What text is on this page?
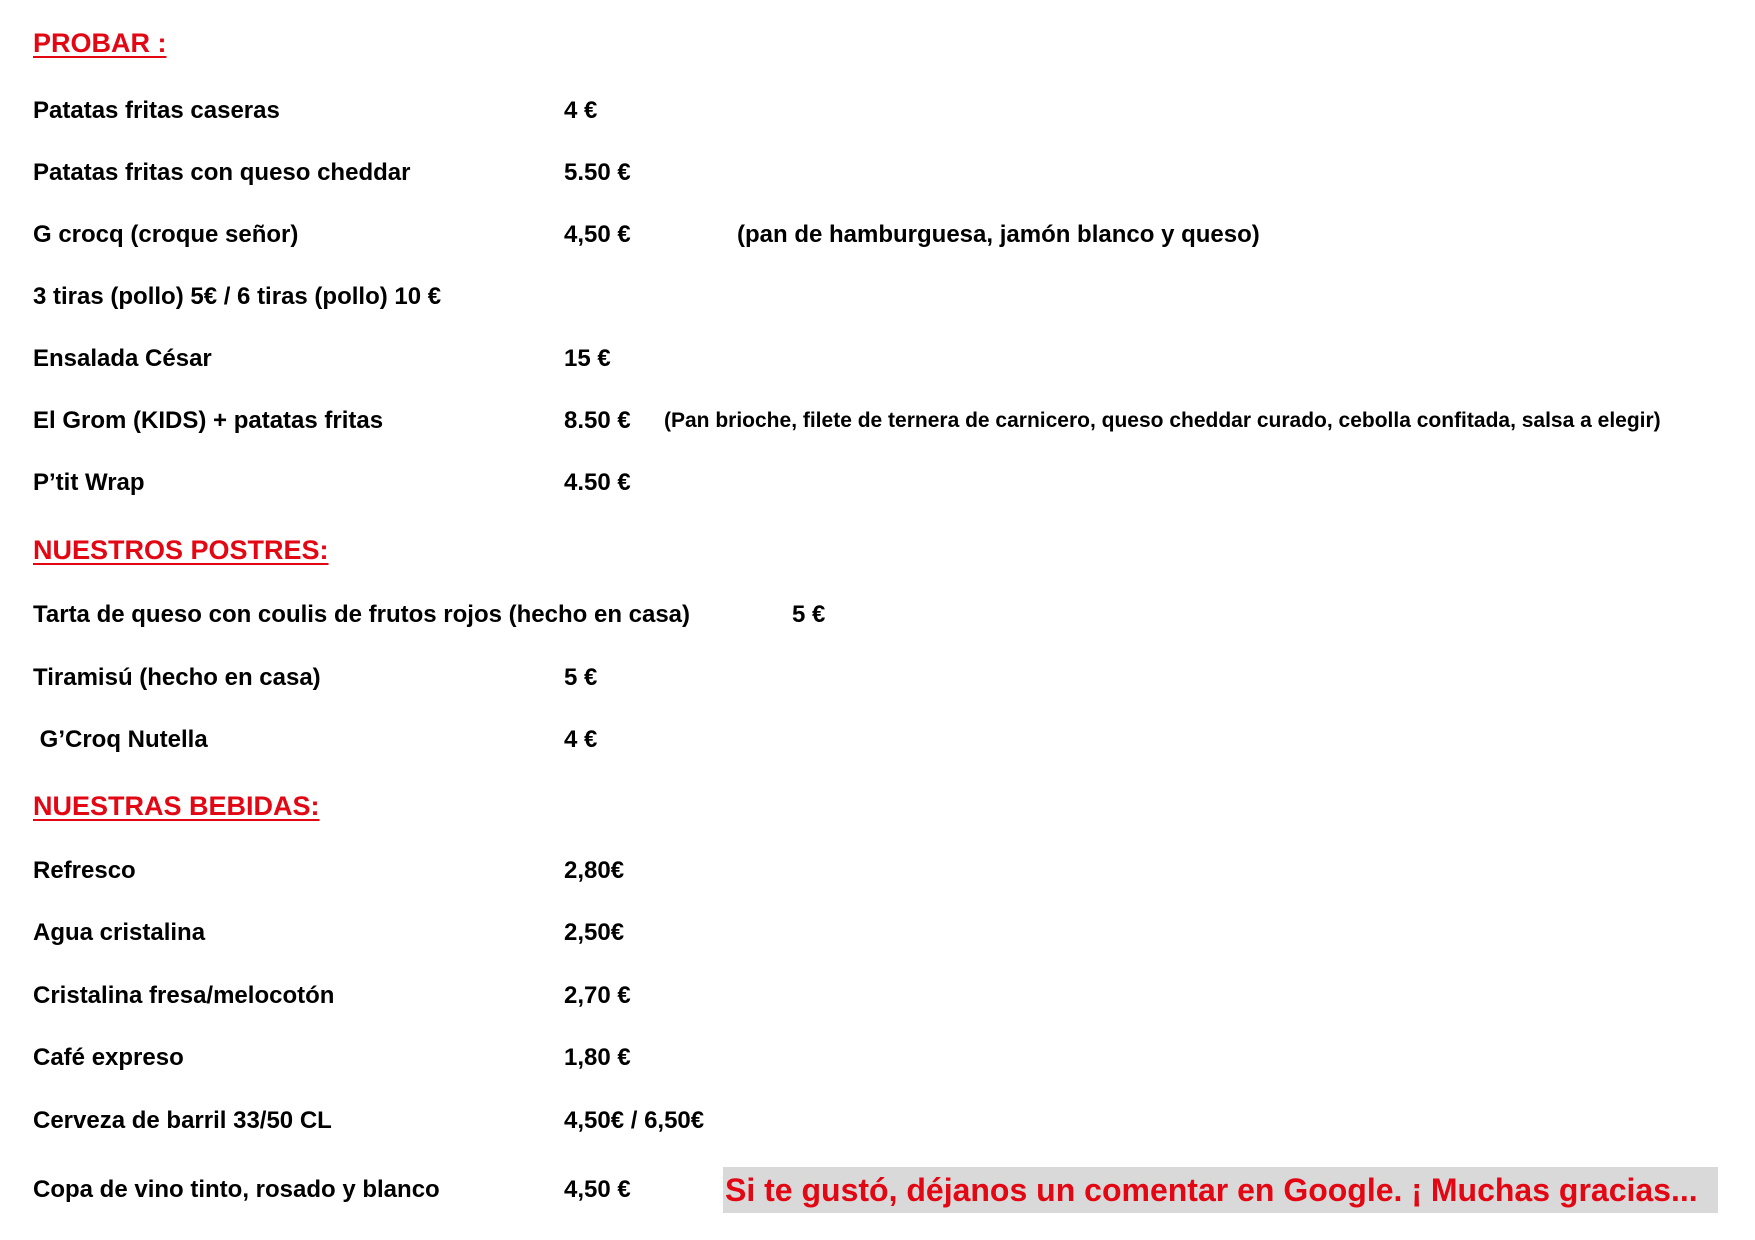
PROBAR :
Patatas fritas caseras	4 €
Patatas fritas con queso cheddar	5.50 €
G crocq (croque señor)	4,50 €	(pan de hamburguesa, jamón blanco y queso)
3 tiras (pollo) 5€ / 6 tiras (pollo) 10 €
Ensalada César	15 €
El Grom (KIDS) + patatas fritas	8.50 € (Pan brioche, filete de ternera de carnicero, queso cheddar curado, cebolla confitada, salsa a elegir)
P’tit Wrap	4.50 €
NUESTROS POSTRES:
Tarta de queso con coulis de frutos rojos (hecho en casa)	5 €
Tiramisú (hecho en casa)	5 €
G’Croq Nutella	4 €
NUESTRAS BEBIDAS:
Refresco	2,80€
Agua cristalina	2,50€
Cristalina fresa/melocotón	2,70 €
Café expreso	1,80 €
Cerveza de barril 33/50 CL	4,50€ / 6,50€
Copa de vino tinto, rosado y blanco	4,50 €	Si te gustó, déjanos un comentar en Google. ¡ Muchas gracias...
